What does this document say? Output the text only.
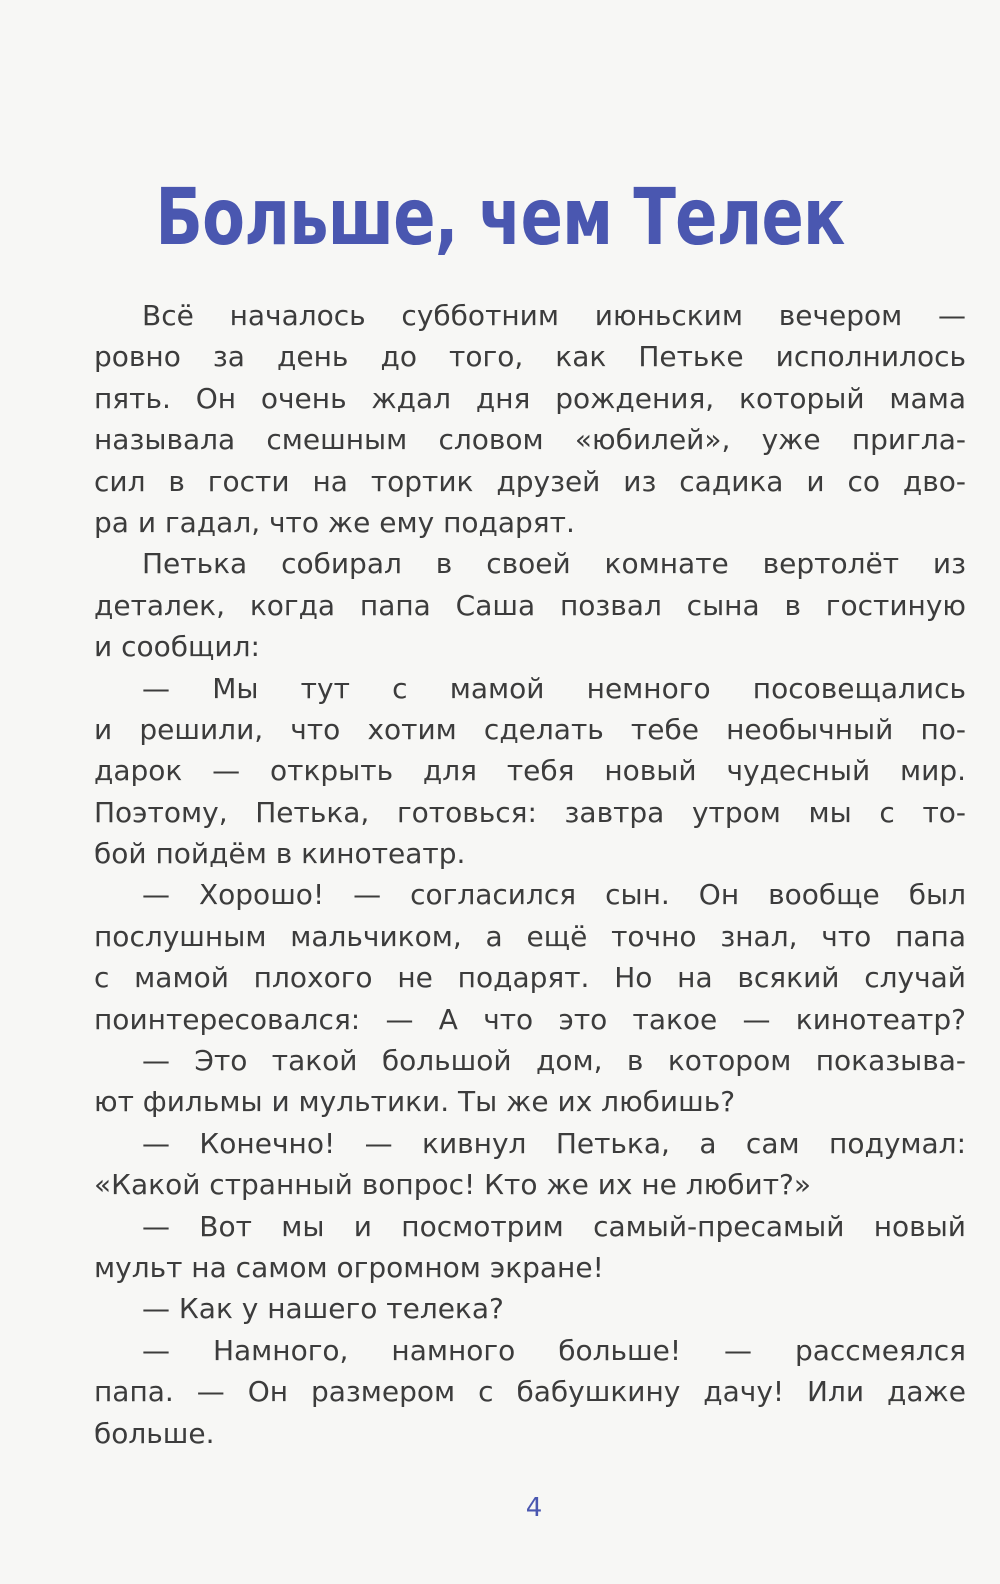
Больше, чем Телек
Всё началось субботним июньским вечером —
ровно за день до того, как Петьке исполнилось
пять. Он очень ждал дня рождения, который мама
называла смешным словом «юбилей», уже пригла-
сил в гости на тортик друзей из садика и со дво-
ра и гадал, что же ему подарят.
Петька собирал в своей комнате вертолёт из
деталек, когда папа Саша позвал сына в гостиную
и сообщил:
— Мы тут с мамой немного посовещались
и решили, что хотим сделать тебе необычный по-
дарок — открыть для тебя новый чудесный мир.
Поэтому, Петька, готовься: завтра утром мы с то-
бой пойдём в кинотеатр.
— Хорошо! — согласился сын. Он вообще был
послушным мальчиком, а ещё точно знал, что папа
с мамой плохого не подарят. Но на всякий случай
поинтересовался: — А что это такое — кинотеатр?
— Это такой большой дом, в котором показыва-
ют фильмы и мультики. Ты же их любишь?
— Конечно! — кивнул Петька, а сам подумал:
«Какой странный вопрос! Кто же их не любит?»
— Вот мы и посмотрим самый-пресамый новый
мульт на самом огромном экране!
— Как у нашего телека?
— Намного, намного больше! — рассмеялся
папа. — Он размером с бабушкину дачу! Или даже
больше.
4
